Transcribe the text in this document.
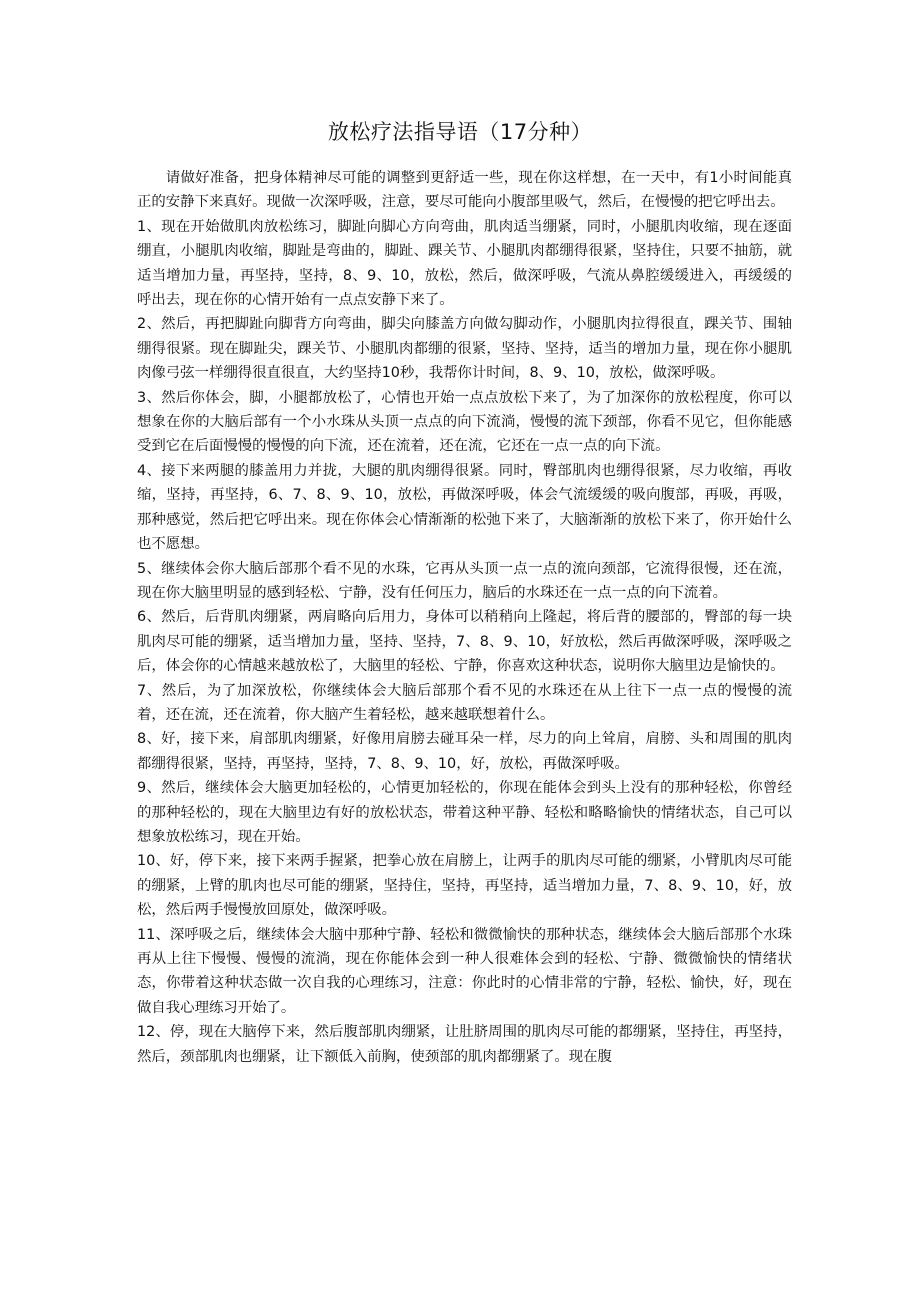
放松疗法指导语（17分种）

请做好准备，把身体精神尽可能的调整到更舒适一些，现在你这样想，在一天中，有1小时间能真正的安静下来真好。现做一次深呼吸，注意，要尽可能向小腹部里吸气，然后，在慢慢的把它呼出去。

1、现在开始做肌肉放松练习，脚趾向脚心方向弯曲，肌肉适当绷紧，同时，小腿肌肉收缩，现在逐面绷直，小腿肌肉收缩，脚趾是弯曲的，脚趾、踝关节、小腿肌肉都绷得很紧，坚持住，只要不抽筋，就适当增加力量，再坚持，坚持，8、9、10，放松，然后，做深呼吸，气流从鼻腔缓缓进入，再缓缓的呼出去，现在你的心情开始有一点点安静下来了。

2、然后，再把脚趾向脚背方向弯曲，脚尖向膝盖方向做勾脚动作，小腿肌肉拉得很直，踝关节、围轴绷得很紧。现在脚趾尖，踝关节、小腿肌肉都绷的很紧，坚持、坚持，适当的增加力量，现在你小腿肌肉像弓弦一样绷得很直很直，大约坚持10秒，我帮你计时间，8、9、10，放松，做深呼吸。

3、然后你体会，脚，小腿都放松了，心情也开始一点点放松下来了，为了加深你的放松程度，你可以想象在你的大脑后部有一个小水珠从头顶一点点的向下流淌，慢慢的流下颈部，你看不见它，但你能感受到它在后面慢慢的慢慢的向下流，还在流着，还在流，它还在一点一点的向下流。

4、接下来两腿的膝盖用力并拢，大腿的肌肉绷得很紧。同时，臀部肌肉也绷得很紧，尽力收缩，再收缩，坚持，再坚持，6、7、8、9、10，放松，再做深呼吸，体会气流缓缓的吸向腹部，再吸，再吸，那种感觉，然后把它呼出来。现在你体会心情渐渐的松弛下来了，大脑渐渐的放松下来了，你开始什么也不愿想。

5、继续体会你大脑后部那个看不见的水珠，它再从头顶一点一点的流向颈部，它流得很慢，还在流，现在你大脑里明显的感到轻松、宁静，没有任何压力，脑后的水珠还在一点一点的向下流着。

6、然后，后背肌肉绷紧，两肩略向后用力，身体可以稍稍向上隆起，将后背的腰部的，臀部的每一块肌肉尽可能的绷紧，适当增加力量，坚持、坚持，7、8、9、10，好放松，然后再做深呼吸，深呼吸之后，体会你的心情越来越放松了，大脑里的轻松、宁静，你喜欢这种状态，说明你大脑里边是愉快的。

7、然后，为了加深放松，你继续体会大脑后部那个看不见的水珠还在从上往下一点一点的慢慢的流着，还在流，还在流着，你大脑产生着轻松，越来越联想着什么。

8、好，接下来，肩部肌肉绷紧，好像用肩膀去碰耳朵一样，尽力的向上耸肩，肩膀、头和周围的肌肉都绷得很紧，坚持，再坚持，坚持，7、8、9、10，好，放松，再做深呼吸。

9、然后，继续体会大脑更加轻松的，心情更加轻松的，你现在能体会到头上没有的那种轻松，你曾经的那种轻松的，现在大脑里边有好的放松状态，带着这种平静、轻松和略略愉快的情绪状态，自己可以想象放松练习，现在开始。

10、好，停下来，接下来两手握紧，把拳心放在肩膀上，让两手的肌肉尽可能的绷紧，小臂肌肉尽可能的绷紧，上臂的肌肉也尽可能的绷紧，坚持住，坚持，再坚持，适当增加力量，7、8、9、10，好，放松，然后两手慢慢放回原处，做深呼吸。

11、深呼吸之后，继续体会大脑中那种宁静、轻松和微微愉快的那种状态，继续体会大脑后部那个水珠再从上往下慢慢、慢慢的流淌，现在你能体会到一种人很难体会到的轻松、宁静、微微愉快的情绪状态，你带着这种状态做一次自我的心理练习，注意：你此时的心情非常的宁静，轻松、愉快，好，现在做自我心理练习开始了。

12、停，现在大脑停下来，然后腹部肌肉绷紧，让肚脐周围的肌肉尽可能的都绷紧，坚持住，再坚持，然后，颈部肌肉也绷紧，让下额低入前胸，使颈部的肌肉都绷紧了。现在腹
